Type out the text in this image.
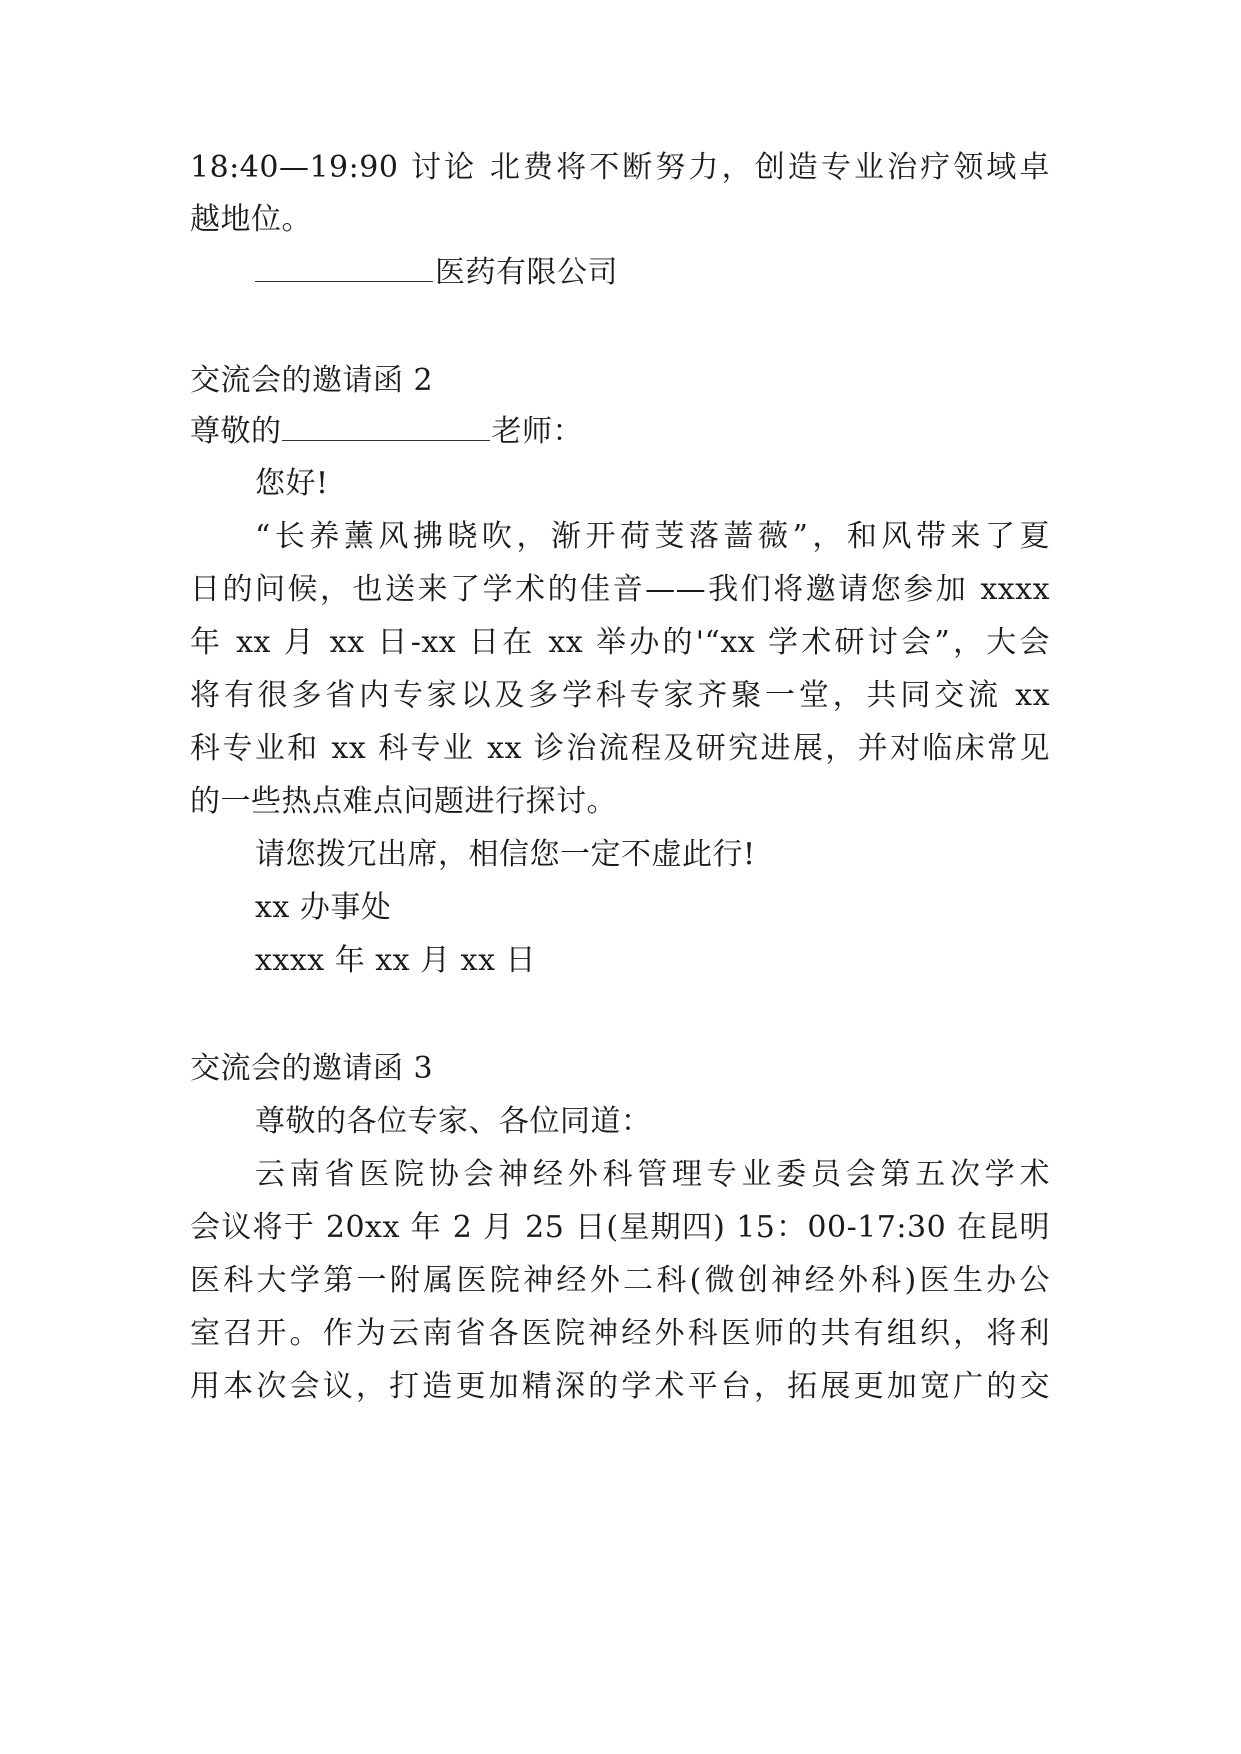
18:40—19:90 讨论 北费将不断努力，创造专业治疗领域卓
越地位。
医药有限公司
交流会的邀请函 2
尊敬的	老师：
您好!
“长养薰风拂晓吹，渐开荷芰落蔷薇”，和风带来了夏
日的问候，也送来了学术的佳音——我们将邀请您参加 xxxx
年 xx 月 xx 日-xx 日在 xx 举办的'“xx 学术研讨会”，大会
将有很多省内专家以及多学科专家齐聚一堂，共同交流 xx
科专业和 xx 科专业 xx 诊治流程及研究进展，并对临床常见
的一些热点难点问题进行探讨。
请您拨冗出席，相信您一定不虚此行!
xx 办事处
xxxx 年 xx 月 xx 日
交流会的邀请函 3
尊敬的各位专家、各位同道：
云南省医院协会神经外科管理专业委员会第五次学术
会议将于 20xx 年 2 月 25 日(星期四) 15：00-17:30 在昆明
医科大学第一附属医院神经外二科(微创神经外科)医生办公
室召开。作为云南省各医院神经外科医师的共有组织，将利
用本次会议，打造更加精深的学术平台，拓展更加宽广的交
